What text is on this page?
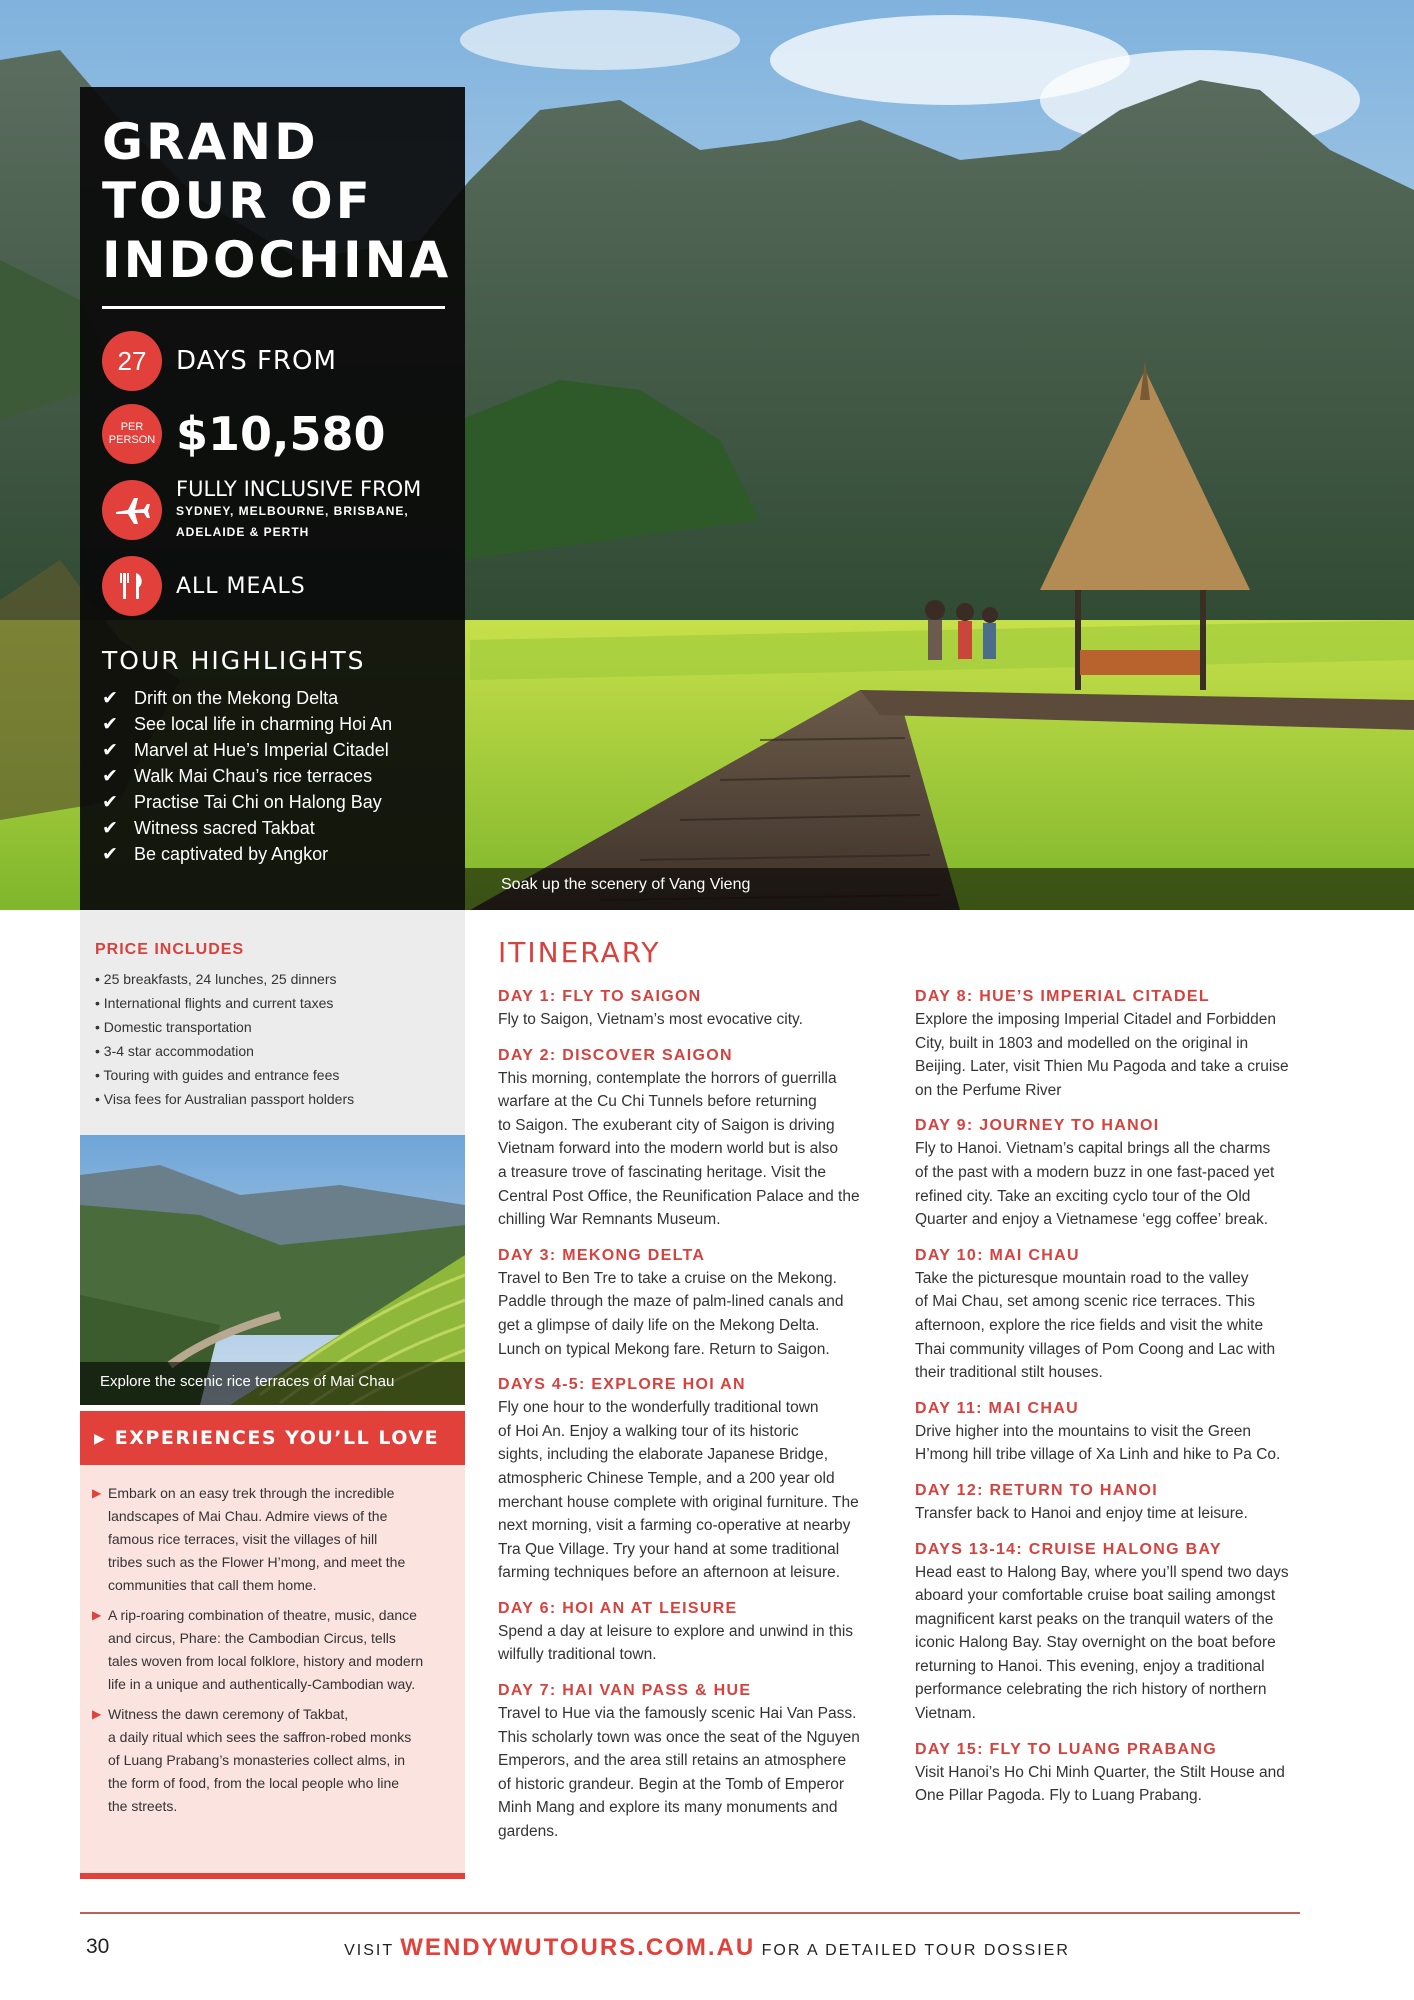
GRAND
TOUR OF
INDOCHINA
27	DAYS FROM
PER
PERSON $10,580
FULLY INCLUSIVE FROM
SYDNEY, MELBOURNE, BRISBANE,
ADELAIDE & PERTH
ALL MEALS
TOUR HIGHLIGHTS
✔ Drift on the Mekong Delta
✔ See local life in charming Hoi An
✔ Marvel at Hue’s Imperial Citadel
✔ Walk Mai Chau’s rice terraces
✔ Practise Tai Chi on Halong Bay
✔ Witness sacred Takbat
✔ Be captivated by Angkor
Soak up the scenery of Vang Vieng
PRICE INCLUDES
• 25 breakfasts, 24 lunches, 25 dinners
• International flights and current taxes
• Domestic transportation
• 3-4 star accommodation
• Touring with guides and entrance fees
• Visa fees for Australian passport holders
Explore the scenic rice terraces of Mai Chau
▶ EXPERIENCES YOU’LL LOVE
▶ Embark on an easy trek through the incredible
landscapes of Mai Chau. Admire views of the
famous rice terraces, visit the villages of hill
tribes such as the Flower H’mong, and meet the
communities that call them home.
▶ A rip-roaring combination of theatre, music, dance
and circus, Phare: the Cambodian Circus, tells
tales woven from local folklore, history and modern
life in a unique and authentically-Cambodian way.
▶ Witness the dawn ceremony of Takbat,
a daily ritual which sees the saffron-robed monks
of Luang Prabang’s monasteries collect alms, in
the form of food, from the local people who line
the streets.
ITINERARY
DAY 1: FLY TO SAIGON
Fly to Saigon, Vietnam’s most evocative city.
DAY 2: DISCOVER SAIGON
This morning, contemplate the horrors of guerrilla
warfare at the Cu Chi Tunnels before returning
to Saigon. The exuberant city of Saigon is driving
Vietnam forward into the modern world but is also
a treasure trove of fascinating heritage. Visit the
Central Post Office, the Reunification Palace and the
chilling War Remnants Museum.
DAY 3: MEKONG DELTA
Travel to Ben Tre to take a cruise on the Mekong.
Paddle through the maze of palm-lined canals and
get a glimpse of daily life on the Mekong Delta.
Lunch on typical Mekong fare. Return to Saigon.
DAYS 4-5: EXPLORE HOI AN
Fly one hour to the wonderfully traditional town
of Hoi An. Enjoy a walking tour of its historic
sights, including the elaborate Japanese Bridge,
atmospheric Chinese Temple, and a 200 year old
merchant house complete with original furniture. The
next morning, visit a farming co-operative at nearby
Tra Que Village. Try your hand at some traditional
farming techniques before an afternoon at leisure.
DAY 6: HOI AN AT LEISURE
Spend a day at leisure to explore and unwind in this
wilfully traditional town.
DAY 7: HAI VAN PASS & HUE
Travel to Hue via the famously scenic Hai Van Pass.
This scholarly town was once the seat of the Nguyen
Emperors, and the area still retains an atmosphere
of historic grandeur. Begin at the Tomb of Emperor
Minh Mang and explore its many monuments and
gardens.
DAY 8: HUE’S IMPERIAL CITADEL
Explore the imposing Imperial Citadel and Forbidden
City, built in 1803 and modelled on the original in
Beijing. Later, visit Thien Mu Pagoda and take a cruise
on the Perfume River
DAY 9: JOURNEY TO HANOI
Fly to Hanoi. Vietnam’s capital brings all the charms
of the past with a modern buzz in one fast-paced yet
refined city. Take an exciting cyclo tour of the Old
Quarter and enjoy a Vietnamese ‘egg coffee’ break.
DAY 10: MAI CHAU
Take the picturesque mountain road to the valley
of Mai Chau, set among scenic rice terraces. This
afternoon, explore the rice fields and visit the white
Thai community villages of Pom Coong and Lac with
their traditional stilt houses.
DAY 11: MAI CHAU
Drive higher into the mountains to visit the Green
H’mong hill tribe village of Xa Linh and hike to Pa Co.
DAY 12: RETURN TO HANOI
Transfer back to Hanoi and enjoy time at leisure.
DAYS 13-14: CRUISE HALONG BAY
Head east to Halong Bay, where you’ll spend two days
aboard your comfortable cruise boat sailing amongst
magnificent karst peaks on the tranquil waters of the
iconic Halong Bay. Stay overnight on the boat before
returning to Hanoi. This evening, enjoy a traditional
performance celebrating the rich history of northern
Vietnam.
DAY 15: FLY TO LUANG PRABANG
Visit Hanoi’s Ho Chi Minh Quarter, the Stilt House and
One Pillar Pagoda. Fly to Luang Prabang.
30	VISIT WENDYWUTOURS.COM.AU FOR A DETAILED TOUR DOSSIER
